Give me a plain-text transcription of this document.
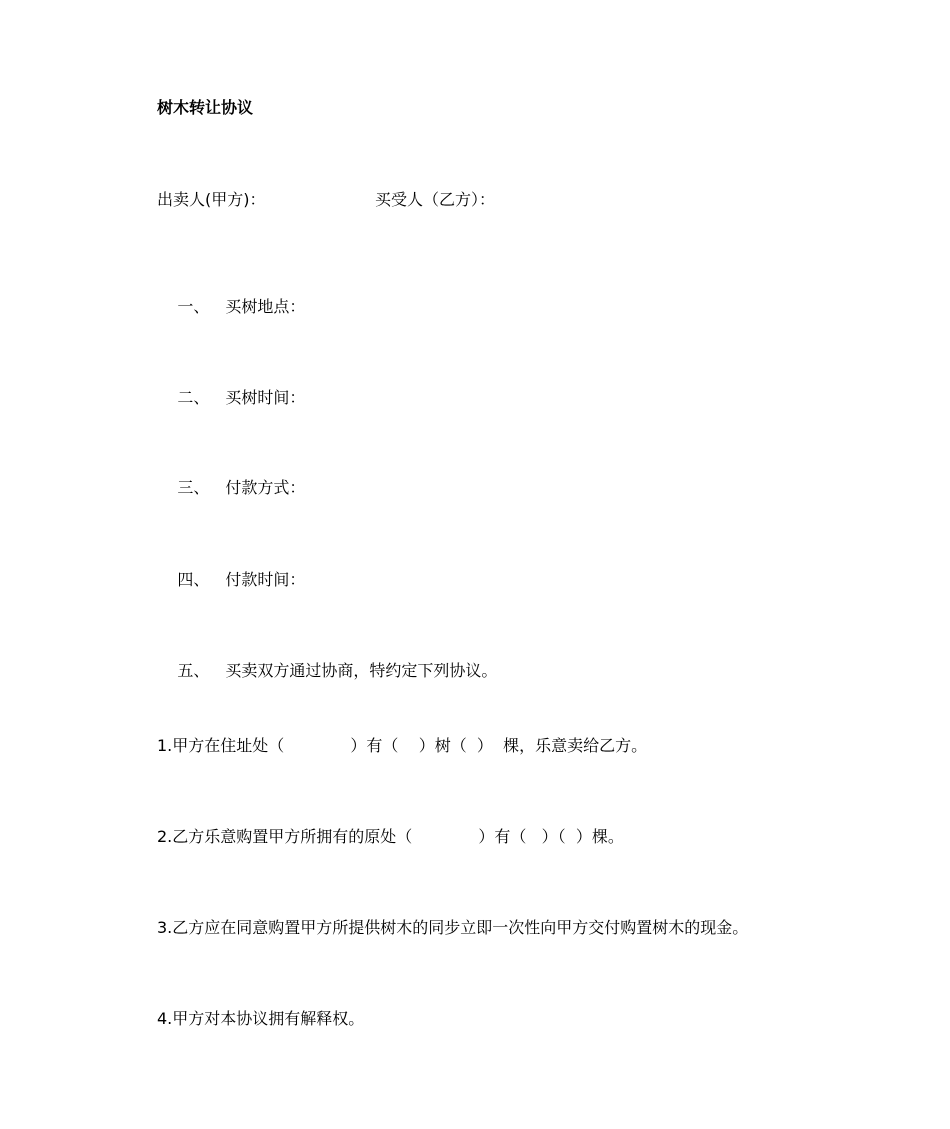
树木转让协议
出卖人(甲方)：	买受人（乙方）：

一、 买树地点：

二、 买树时间：

三、 付款方式：

四、 付款时间：

五、 买卖双方通过协商，特约定下列协议。

1.甲方在住址处（             ）有（    ）树（  ）  棵，乐意卖给乙方。
2.乙方乐意购置甲方所拥有的原处（             ）有（   ）（  ）棵。
3.乙方应在同意购置甲方所提供树木的同步立即一次性向甲方交付购置树木的现金。
4.甲方对本协议拥有解释权。
